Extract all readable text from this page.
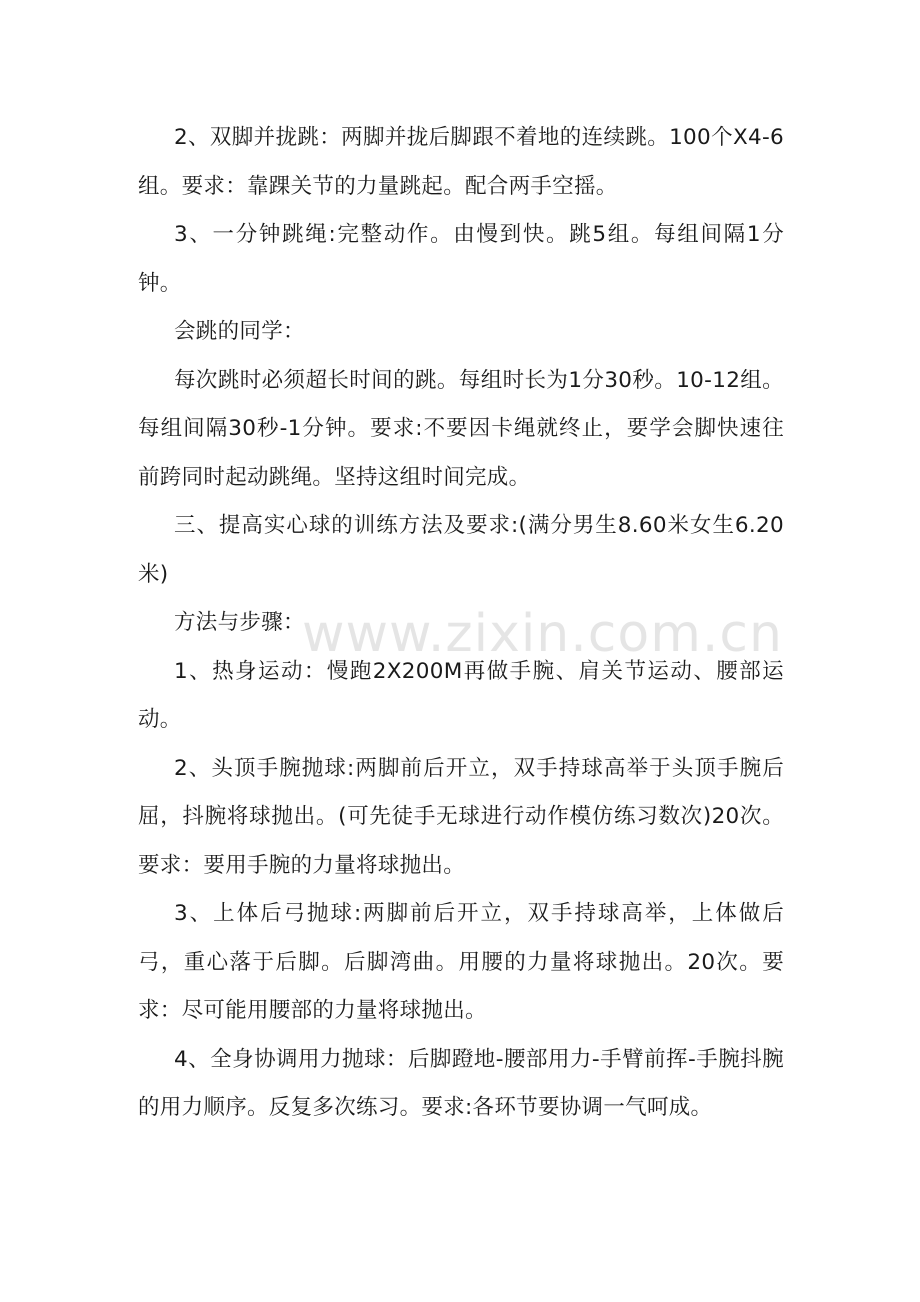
2、双脚并拢跳：两脚并拢后脚跟不着地的连续跳。100个X4-6组。要求：靠踝关节的力量跳起。配合两手空摇。

3、一分钟跳绳:完整动作。由慢到快。跳5组。每组间隔1分钟。

会跳的同学：

每次跳时必须超长时间的跳。每组时长为1分30秒。10-12组。每组间隔30秒-1分钟。要求:不要因卡绳就终止，要学会脚快速往前跨同时起动跳绳。坚持这组时间完成。

三、提高实心球的训练方法及要求:(满分男生8.60米女生6.20米)

方法与步骤：

1、热身运动：慢跑2X200M再做手腕、肩关节运动、腰部运动。

2、头顶手腕抛球:两脚前后开立，双手持球高举于头顶手腕后屈，抖腕将球抛出。(可先徒手无球进行动作模仿练习数次)20次。要求：要用手腕的力量将球抛出。

3、上体后弓抛球:两脚前后开立，双手持球高举，上体做后弓，重心落于后脚。后脚湾曲。用腰的力量将球抛出。20次。要求：尽可能用腰部的力量将球抛出。

4、全身协调用力抛球：后脚蹬地-腰部用力-手臂前挥-手腕抖腕的用力顺序。反复多次练习。要求:各环节要协调一气呵成。

www.zixin.com.cn
